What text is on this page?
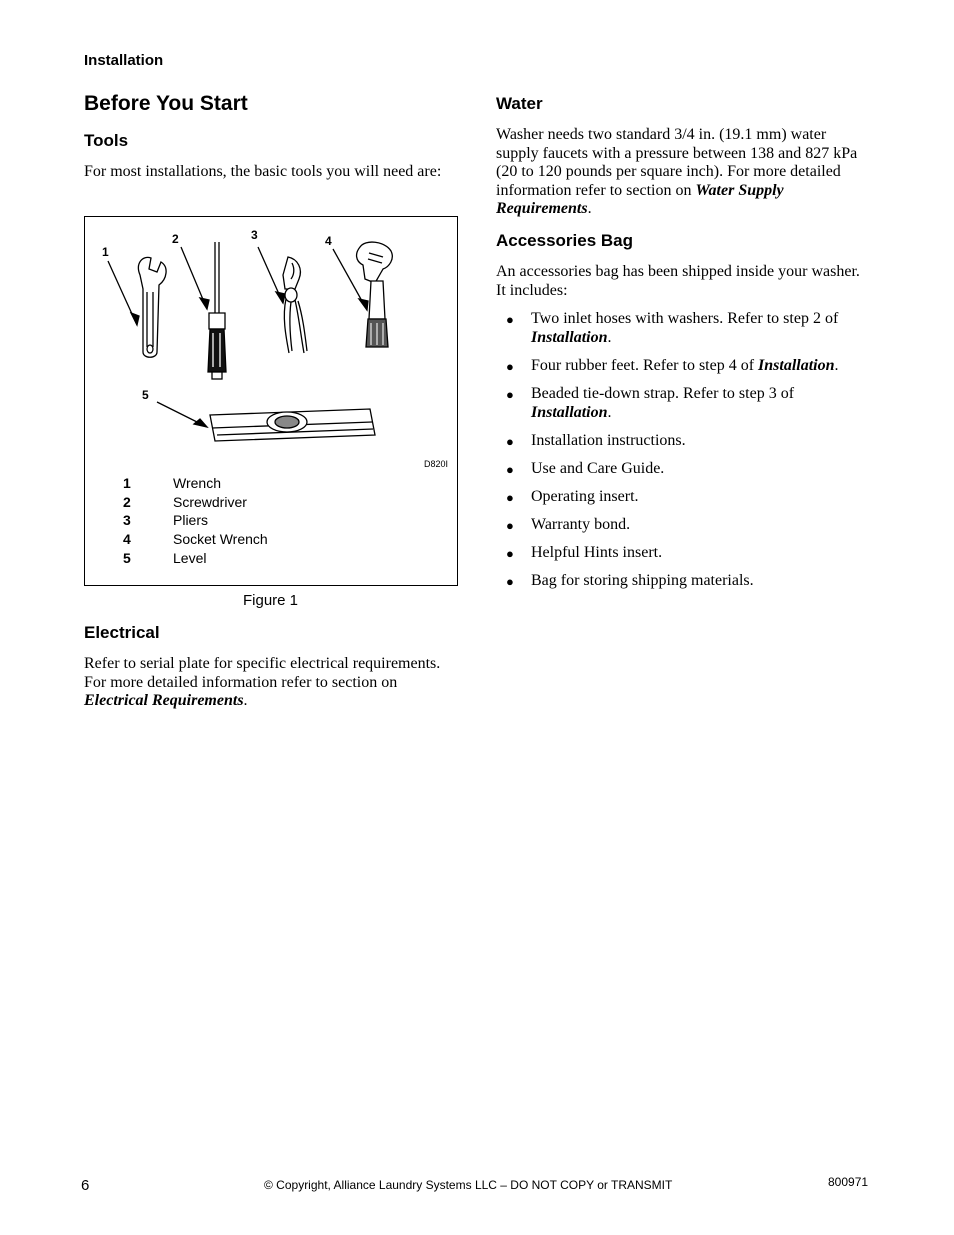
Installation
Before You Start
Tools
For most installations, the basic tools you will need are:
1
2	3	4
5
D820I
1	Wrench
2	Screwdriver
3	Pliers
4	Socket Wrench
5	Level
Figure 1
Electrical
Refer to serial plate for specific electrical requirements. For more detailed information refer to section on Electrical Requirements.
Water
Washer needs two standard 3/4 in. (19.1 mm) water supply faucets with a pressure between 138 and 827 kPa (20 to 120 pounds per square inch). For more detailed information refer to section on Water Supply Requirements.
Accessories Bag
An accessories bag has been shipped inside your washer. It includes:
● Two inlet hoses with washers. Refer to step 2 of Installation.
● Four rubber feet. Refer to step 4 of Installation.
● Beaded tie-down strap. Refer to step 3 of Installation.
● Installation instructions.
● Use and Care Guide.
● Operating insert.
● Warranty bond.
● Helpful Hints insert.
● Bag for storing shipping materials.
6	© Copyright, Alliance Laundry Systems LLC – DO NOT COPY or TRANSMIT	800971
